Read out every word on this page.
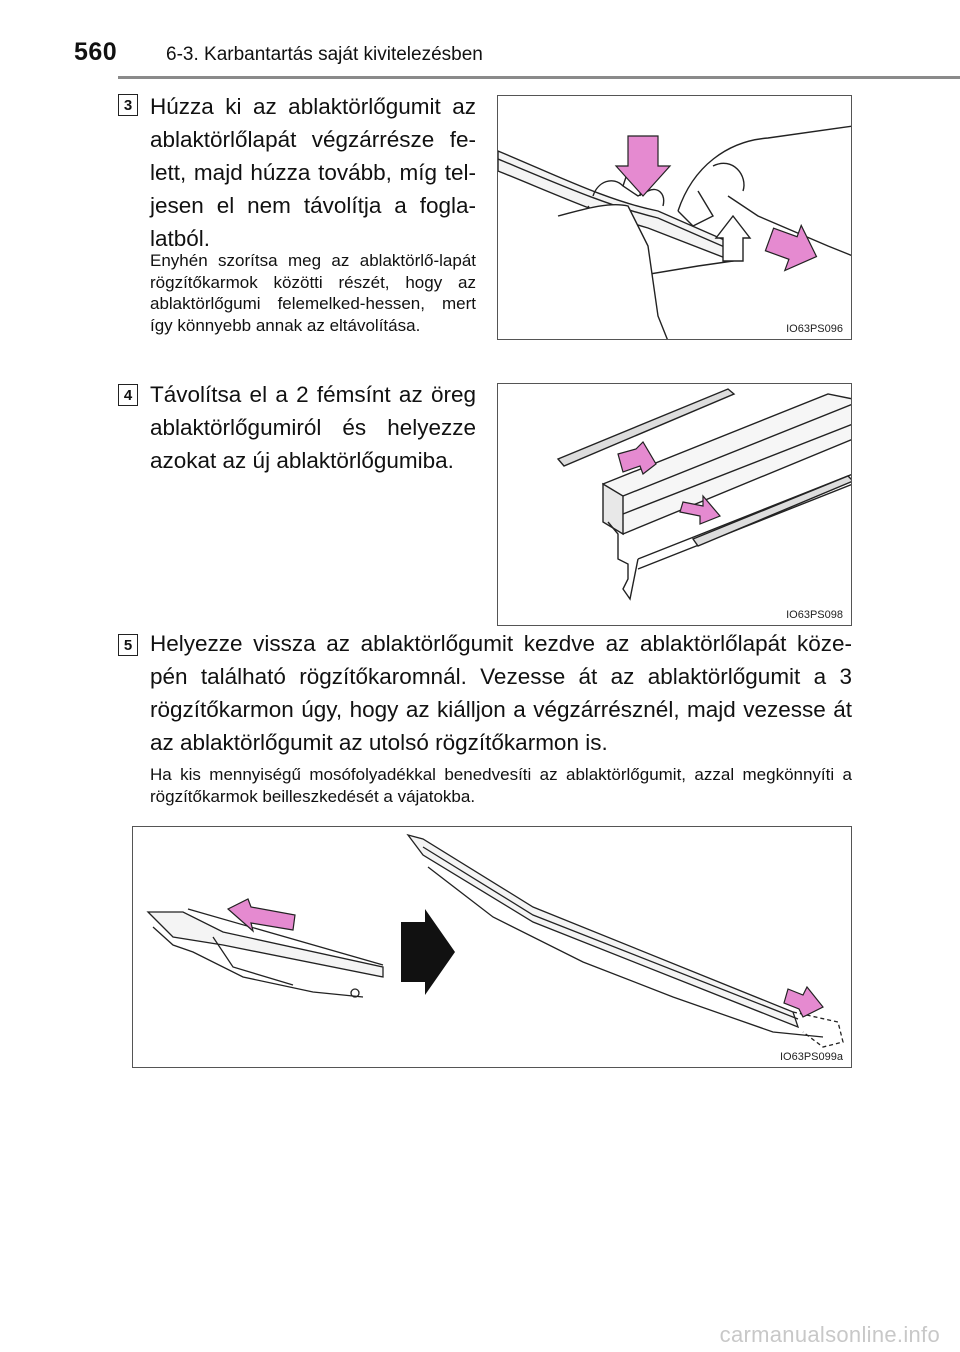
560	6-3. Karbantartás saját kivitelezésben
3 Húzza ki az ablaktörlőgumit az ablaktörlőlapát végzárrésze fe-lett, majd húzza tovább, míg tel-jesen el nem távolítja a fogla-latból.
Enyhén szorítsa meg az ablaktörlő-lapát rögzítőkarmok közötti részét, hogy az ablaktörlőgumi felemelked-hessen, mert így könnyebb annak az eltávolítása.	IO63PS096
4 Távolítsa el a 2 fémsínt az öreg ablaktörlőgumiról és helyezze azokat az új ablaktörlőgumiba.
IO63PS098
5 Helyezze vissza az ablaktörlőgumit kezdve az ablaktörlőlapát köze-pén található rögzítőkaromnál. Vezesse át az ablaktörlőgumit a 3 rögzítőkarmon úgy, hogy az kiálljon a végzárrésznél, majd vezesse át az ablaktörlőgumit az utolsó rögzítőkarmon is.
Ha kis mennyiségű mosófolyadékkal benedvesíti az ablaktörlőgumit, azzal megkönnyíti a rögzítőkarmok beilleszkedését a vájatokba.
IO63PS099a
carmanualsonline.info
